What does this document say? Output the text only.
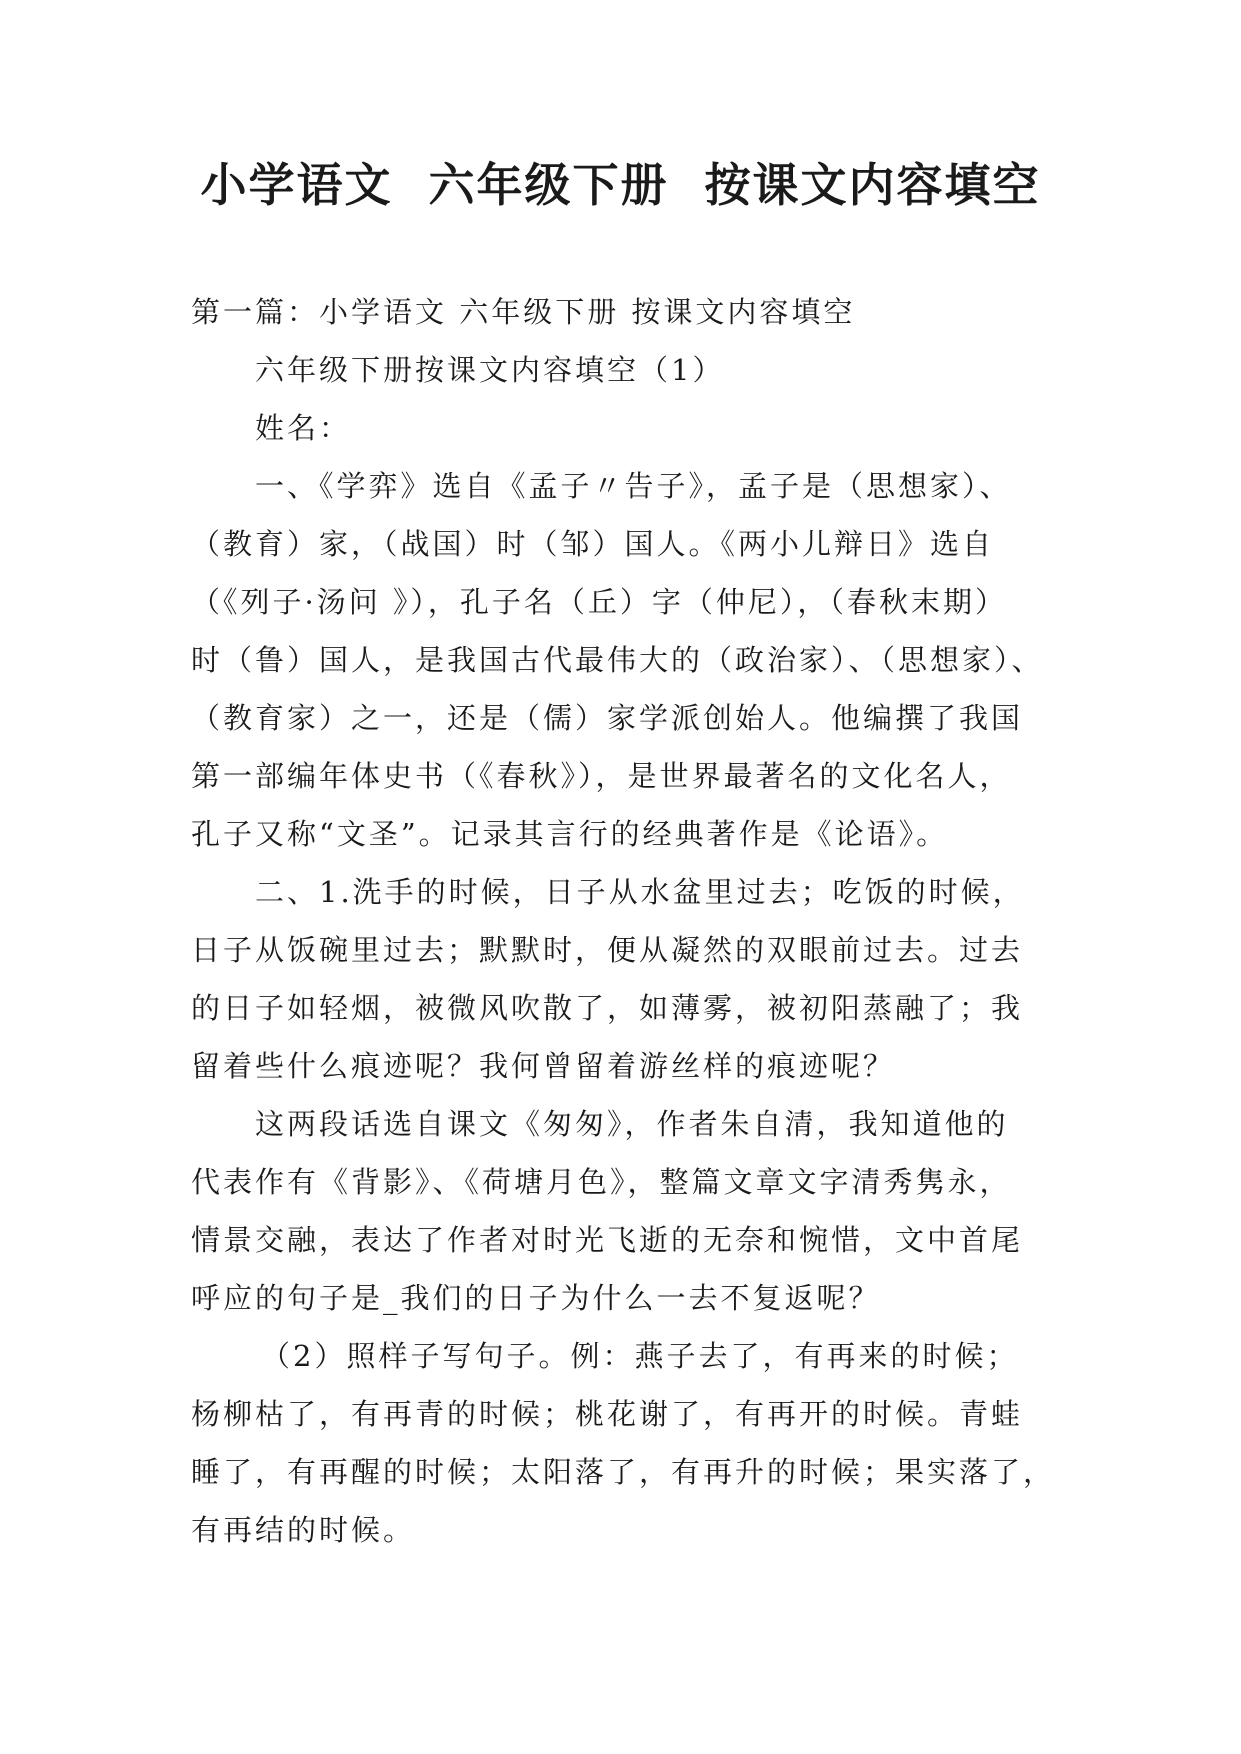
小学语文  六年级下册  按课文内容填空

第一篇：小学语文 六年级下册 按课文内容填空

六年级下册按课文内容填空（1）

姓名：

一、《学弈》选自《孟子〃告子》，孟子是（思想家）、

（教育）家，（战国）时（邹）国人。《两小儿辩日》选自

（《列子·汤问 》），孔子名（丘）字（仲尼），（春秋末期）

时（鲁）国人，是我国古代最伟大的（政治家）、（思想家）、

（教育家）之一，还是（儒）家学派创始人。他编撰了我国

第一部编年体史书（《春秋》），是世界最著名的文化名人，

孔子又称“文圣”。记录其言行的经典著作是《论语》。

二、1.洗手的时候，日子从水盆里过去；吃饭的时候，

日子从饭碗里过去；默默时，便从凝然的双眼前过去。过去

的日子如轻烟，被微风吹散了，如薄雾，被初阳蒸融了；我

留着些什么痕迹呢？我何曾留着游丝样的痕迹呢？

这两段话选自课文《匆匆》，作者朱自清，我知道他的

代表作有《背影》、《荷塘月色》，整篇文章文字清秀隽永，

情景交融，表达了作者对时光飞逝的无奈和惋惜，文中首尾

呼应的句子是_我们的日子为什么一去不复返呢？

（2）照样子写句子。例：燕子去了，有再来的时候；

杨柳枯了，有再青的时候；桃花谢了，有再开的时候。青蛙

睡了，有再醒的时候；太阳落了，有再升的时候；果实落了，

有再结的时候。
